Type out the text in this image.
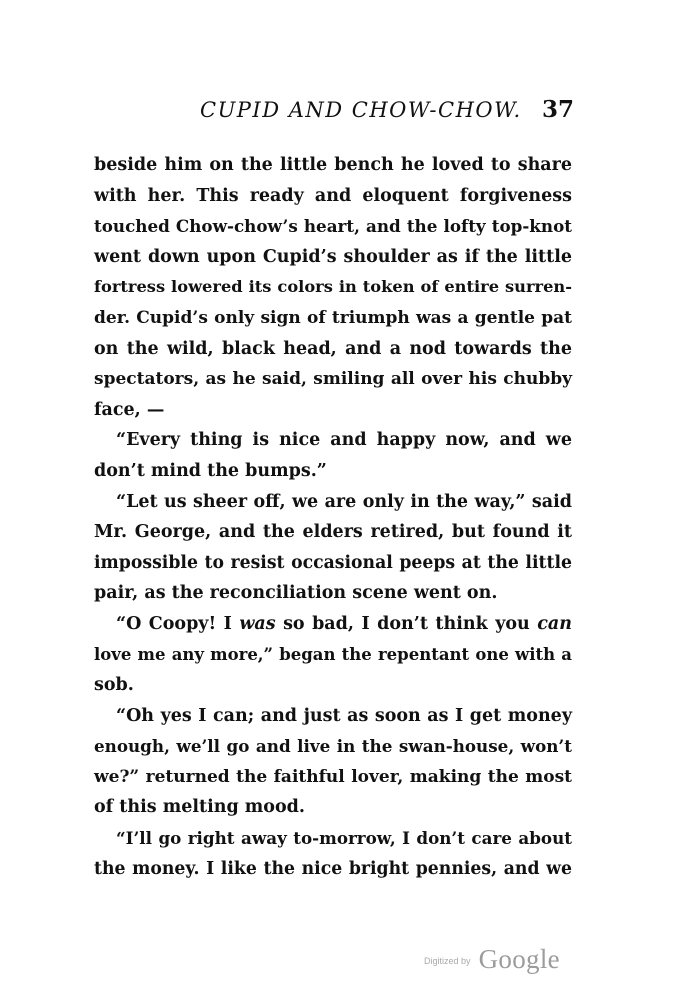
CUPID AND CHOW-CHOW. 37
beside him on the little bench he loved to share
with her. This ready and eloquent forgiveness
touched Chow-chow’s heart, and the lofty top-knot
went down upon Cupid’s shoulder as if the little
fortress lowered its colors in token of entire surren-
der. Cupid’s only sign of triumph was a gentle pat
on the wild, black head, and a nod towards the
spectators, as he said, smiling all over his chubby
face, —
“Every thing is nice and happy now, and we
don’t mind the bumps.”
“Let us sheer off, we are only in the way,” said
Mr. George, and the elders retired, but found it
impossible to resist occasional peeps at the little
pair, as the reconciliation scene went on.
“O Coopy! I was so bad, I don’t think you can
love me any more,” began the repentant one with a
sob.
“Oh yes I can; and just as soon as I get money
enough, we’ll go and live in the swan-house, won’t
we?” returned the faithful lover, making the most
of this melting mood.
“I’ll go right away to-morrow, I don’t care about
the money. I like the nice bright pennies, and we
$^{Digitized by}$ Google
